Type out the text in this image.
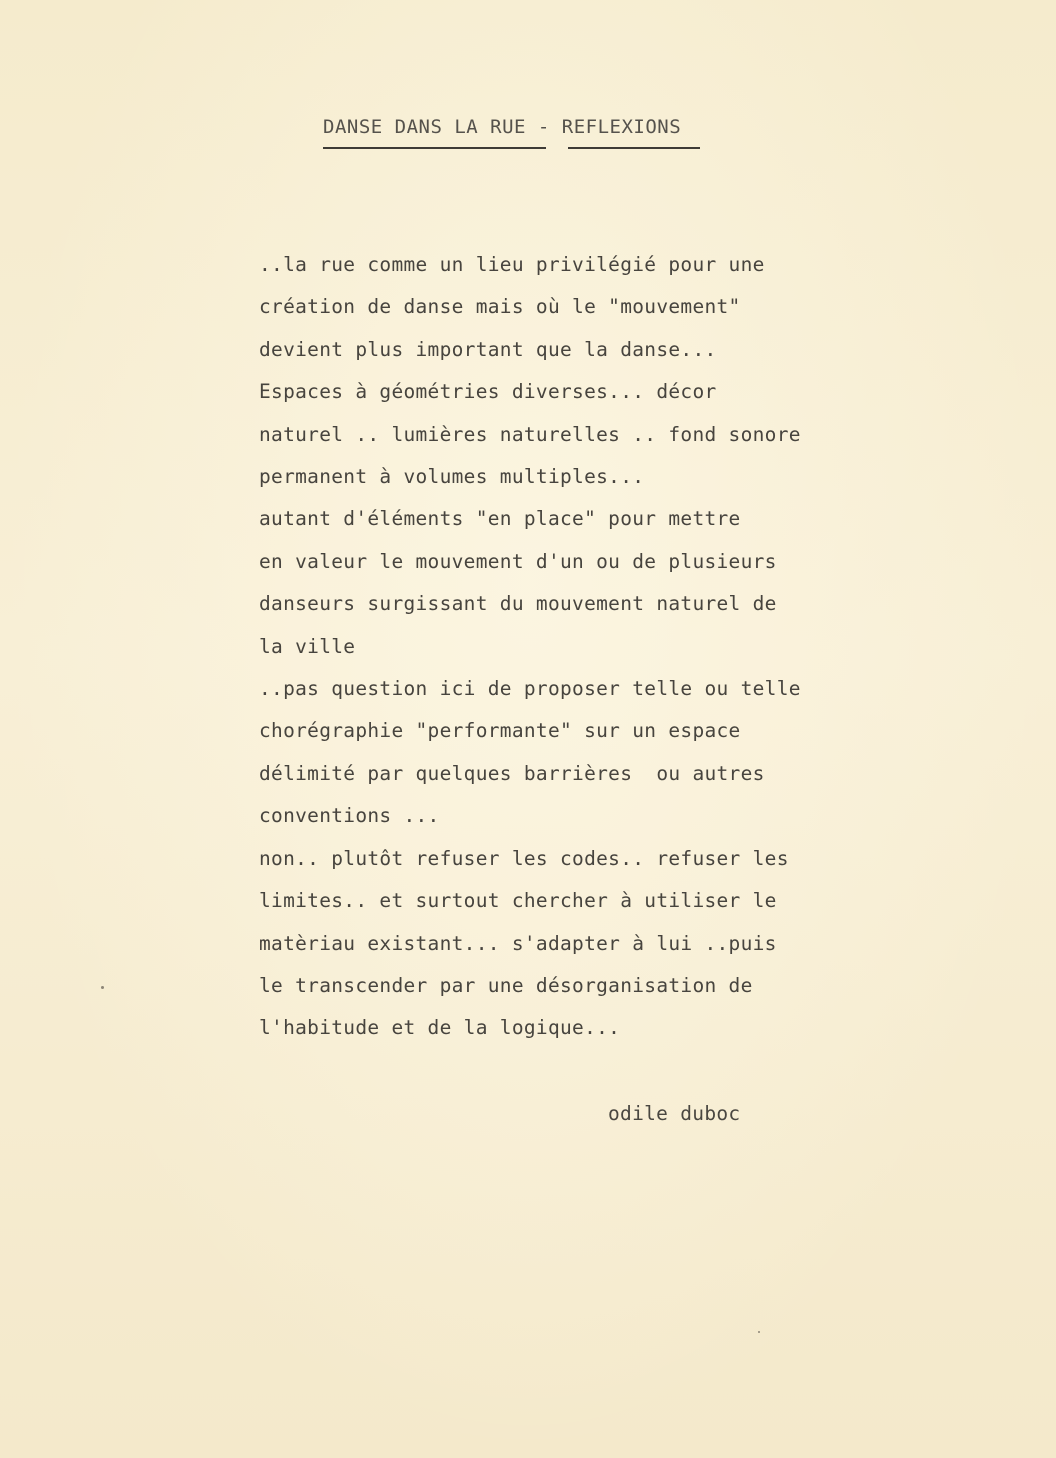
DANSE DANS LA RUE - REFLEXIONS
..la rue comme un lieu privilégié pour une
création de danse mais où le "mouvement"
devient plus important que la danse...
Espaces à géométries diverses... décor
naturel .. lumières naturelles .. fond sonore
permanent à volumes multiples...
autant d'éléments "en place" pour mettre
en valeur le mouvement d'un ou de plusieurs
danseurs surgissant du mouvement naturel de
la ville
..pas question ici de proposer telle ou telle
chorégraphie "performante" sur un espace
délimité par quelques barrières  ou autres
conventions ...
non.. plutôt refuser les codes.. refuser les
limites.. et surtout chercher à utiliser le
matèriau existant... s'adapter à lui ..puis
le transcender par une désorganisation de
l'habitude et de la logique...
odile duboc
